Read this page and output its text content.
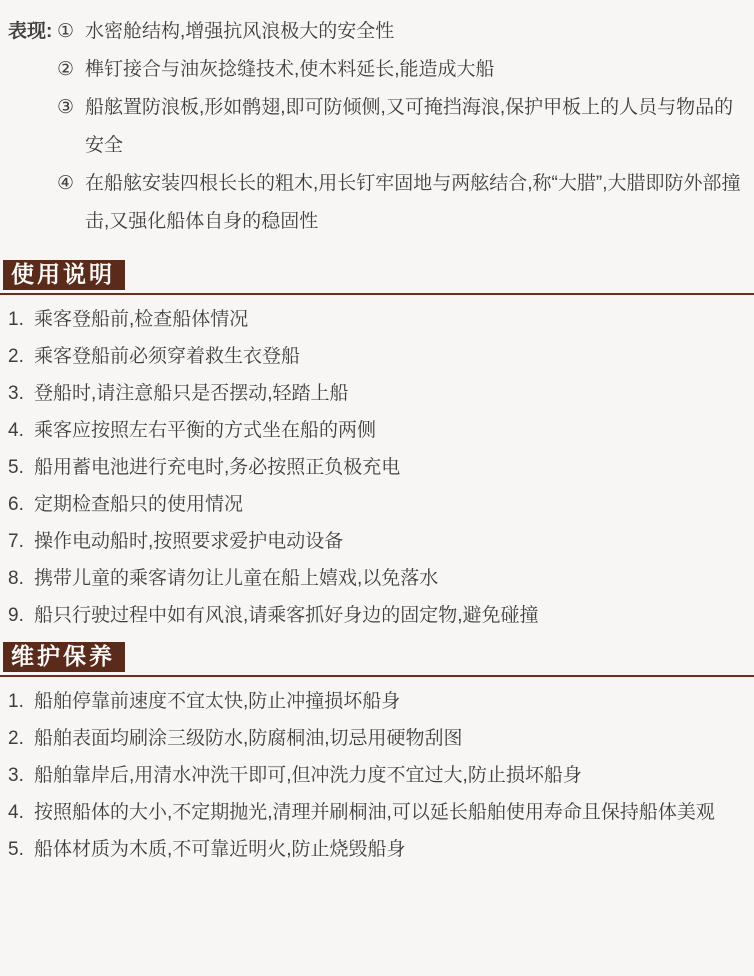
表现: ① 水密舱结构,增强抗风浪极大的安全性
② 榫钉接合与油灰捻缝技术,使木料延长,能造成大船
③ 船舷置防浪板,形如鹘翅,即可防倾侧,又可掩挡海浪,保护甲板上的人员与物品的安全
④ 在船舷安装四根长长的粗木,用长钉牢固地与两舷结合,称“大腊”,大腊即防外部撞击,又强化船体自身的稳固性
使用说明
1. 乘客登船前,检查船体情况
2. 乘客登船前必须穿着救生衣登船
3. 登船时,请注意船只是否摆动,轻踏上船
4. 乘客应按照左右平衡的方式坐在船的两侧
5. 船用蓄电池进行充电时,务必按照正负极充电
6. 定期检查船只的使用情况
7. 操作电动船时,按照要求爱护电动设备
8. 携带儿童的乘客请勿让儿童在船上嬉戏,以免落水
9. 船只行驶过程中如有风浪,请乘客抓好身边的固定物,避免碰撞
维护保养
1. 船舶停靠前速度不宜太快,防止冲撞损坏船身
2. 船舶表面均刷涂三级防水,防腐桐油,切忌用硬物刮图
3. 船舶靠岸后,用清水冲洗干即可,但冲洗力度不宜过大,防止损坏船身
4. 按照船体的大小,不定期抛光,清理并刷桐油,可以延长船舶使用寿命且保持船体美观
5. 船体材质为木质,不可靠近明火,防止烧毁船身
